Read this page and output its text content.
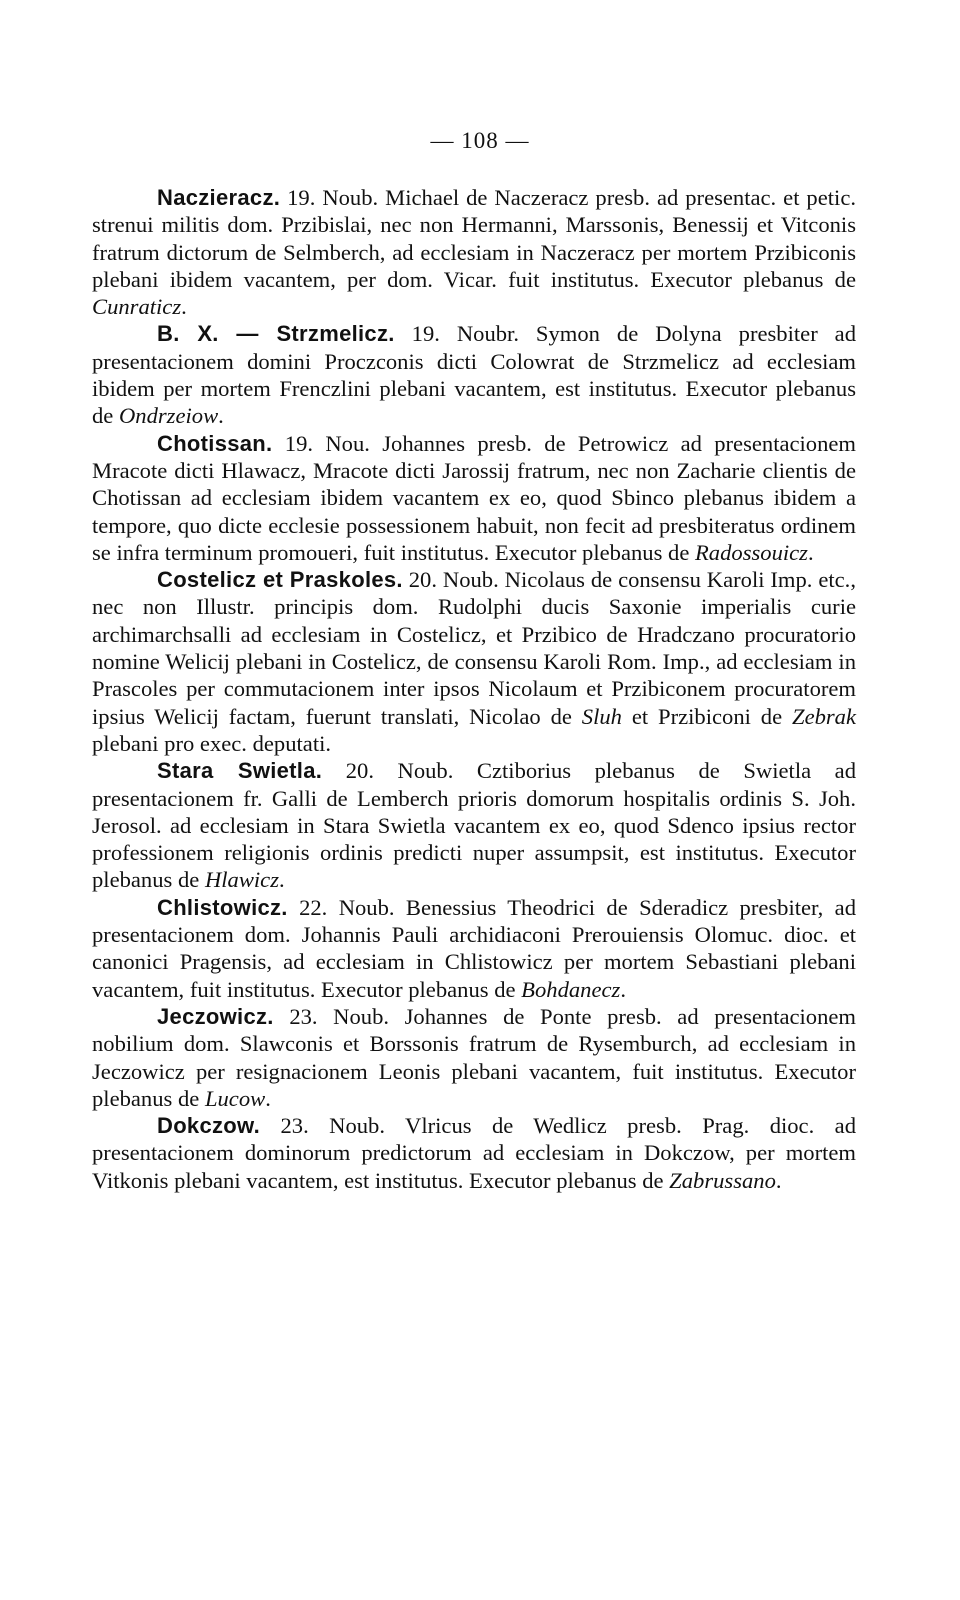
— 108 —

Naczieracz. 19. Noub. Michael de Naczeracz presb. ad presentac. et petic. strenui militis dom. Przibislai, nec non Hermanni, Marssonis, Benessij et Vitconis fratrum dictorum de Selmberch, ad ecclesiam in Naczeracz per mortem Przibiconis plebani ibidem vacantem, per dom. Vicar. fuit institutus. Executor plebanus de Cunraticz.

B. X. — Strzmelicz. 19. Noubr. Symon de Dolyna presbiter ad presentacionem domini Proczconis dicti Colowrat de Strzmelicz ad ecclesiam ibidem per mortem Frenczlini plebani vacantem, est institutus. Executor plebanus de Ondrzeiow.

Chotissan. 19. Nou. Johannes presb. de Petrowicz ad presentacionem Mracote dicti Hlawacz, Mracote dicti Jarossij fratrum, nec non Zacharie clientis de Chotissan ad ecclesiam ibidem vacantem ex eo, quod Sbinco plebanus ibidem a tempore, quo dicte ecclesie possessionem habuit, non fecit ad presbiteratus ordinem se infra terminum promoueri, fuit institutus. Executor plebanus de Radossouicz.

Costelicz et Praskoles. 20. Noub. Nicolaus de consensu Karoli Imp. etc., nec non Illustr. principis dom. Rudolphi ducis Saxonie imperialis curie archimarchsalli ad ecclesiam in Costelicz, et Przibico de Hradczano procuratorio nomine Welicij plebani in Costelicz, de consensu Karoli Rom. Imp., ad ecclesiam in Prascoles per commutacionem inter ipsos Nicolaum et Przibiconem procuratorem ipsius Welicij factam, fuerunt translati, Nicolao de Sluh et Przibiconi de Zebrak plebani pro exec. deputati.

Stara Swietla. 20. Noub. Cztiborius plebanus de Swietla ad presentacionem fr. Galli de Lemberch prioris domorum hospitalis ordinis S. Joh. Jerosol. ad ecclesiam in Stara Swietla vacantem ex eo, quod Sdenco ipsius rector professionem religionis ordinis predicti nuper assumpsit, est institutus. Executor plebanus de Hlawicz.

Chlistowicz. 22. Noub. Benessius Theodrici de Sderadicz presbiter, ad presentacionem dom. Johannis Pauli archidiaconi Prerouiensis Olomuc. dioc. et canonici Pragensis, ad ecclesiam in Chlistowicz per mortem Sebastiani plebani vacantem, fuit institutus. Executor plebanus de Bohdanecz.

Jeczowicz. 23. Noub. Johannes de Ponte presb. ad presentacionem nobilium dom. Slawconis et Borssonis fratrum de Rysemburch, ad ecclesiam in Jeczowicz per resignacionem Leonis plebani vacantem, fuit institutus. Executor plebanus de Lucow.

Dokczow. 23. Noub. Vlricus de Wedlicz presb. Prag. dioc. ad presentacionem dominorum predictorum ad ecclesiam in Dokczow, per mortem Vitkonis plebani vacantem, est institutus. Executor plebanus de Zabrussano.
